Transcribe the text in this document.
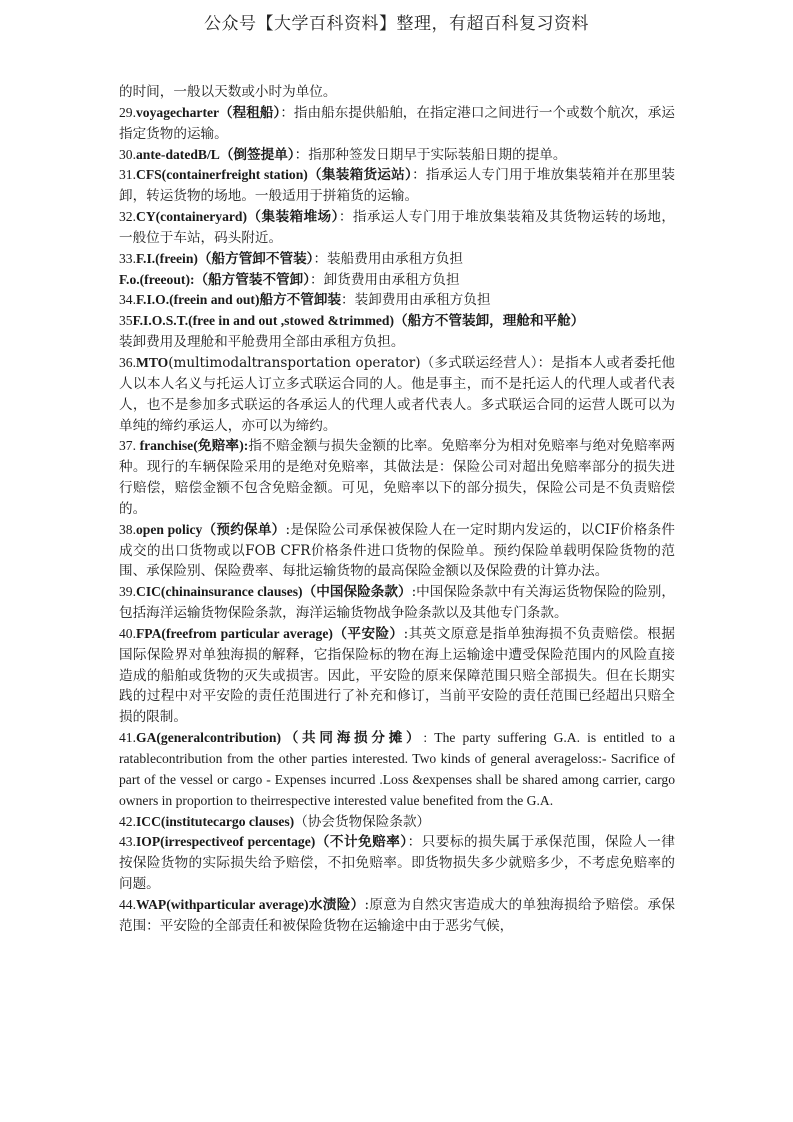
公众号【大学百科资料】整理，有超百科复习资料

的时间，一般以天数或小时为单位。

29.voyagecharter（程租船）：指由船东提供船舶，在指定港口之间进行一个或数个航次，承运指定货物的运输。

30.ante-datedB/L（倒签提单）：指那种签发日期早于实际装船日期的提单。

31.CFS(containerfreight station)（集装箱货运站）：指承运人专门用于堆放集装箱并在那里装卸，转运货物的场地。一般适用于拼箱货的运输。

32.CY(containeryard)（集装箱堆场）：指承运人专门用于堆放集装箱及其货物运转的场地，一般位于车站，码头附近。

33.F.I.(freein)（船方管卸不管装）：装船费用由承租方负担

F.o.(freeout):（船方管装不管卸）：卸货费用由承租方负担

34.F.I.O.(freein and out)船方不管卸装：装卸费用由承租方负担

35F.I.O.S.T.(free in and out ,stowed &trimmed)（船方不管装卸，理舱和平舱）
装卸费用及理舱和平舱费用全部由承租方负担。

36.MTO(multimodaltransportation operator)（多式联运经营人）：是指本人或者委托他人以本人名义与托运人订立多式联运合同的人。他是事主，而不是托运人的代理人或者代表人，也不是参加多式联运的各承运人的代理人或者代表人。多式联运合同的运营人既可以为单纯的缔约承运人，亦可以为缔约。

37. franchise(免赔率):指不赔金额与损失金额的比率。免赔率分为相对免赔率与绝对免赔率两种。现行的车辆保险采用的是绝对免赔率，其做法是：保险公司对超出免赔率部分的损失进行赔偿，赔偿金额不包含免赔金额。可见，免赔率以下的部分损失，保险公司是不负责赔偿的。

38.open policy（预约保单）:是保险公司承保被保险人在一定时期内发运的，以CIF价格条件成交的出口货物或以FOB CFR价格条件进口货物的保险单。预约保险单载明保险货物的范围、承保险别、保险费率、每批运输货物的最高保险金额以及保险费的计算办法。

39.CIC(chinainsurance clauses)（中国保险条款）:中国保险条款中有关海运货物保险的险别，包括海洋运输货物保险条款，海洋运输货物战争险条款以及其他专门条款。

40.FPA(freefrom particular average)（平安险）:其英文原意是指单独海损不负责赔偿。根据国际保险界对单独海损的解释，它指保险标的物在海上运输途中遭受保险范围内的风险直接造成的船舶或货物的灭失或损害。因此，平安险的原来保障范围只赔全部损失。但在长期实践的过程中对平安险的责任范围进行了补充和修订，当前平安险的责任范围已经超出只赔全损的限制。

41.GA(generalcontribution)（共同海损分摊）: The party suffering G.A. is entitled to a ratablecontribution from the other parties interested. Two kinds of general averageloss:- Sacrifice of part of the vessel or cargo - Expenses incurred .Loss &expenses shall be shared among carrier, cargo owners in proportion to theirrespective interested value benefited from the G.A.

42.ICC(institutecargo clauses)（协会货物保险条款）

43.IOP(irrespectiveof percentage)（不计免赔率）：只要标的损失属于承保范围，保险人一律按保险货物的实际损失给予赔偿，不扣免赔率。即货物损失多少就赔多少，不考虑免赔率的问题。

44.WAP(withparticular average)水渍险）:原意为自然灾害造成大的单独海损给予赔偿。承保范围：平安险的全部责任和被保险货物在运输途中由于恶劣气候，
